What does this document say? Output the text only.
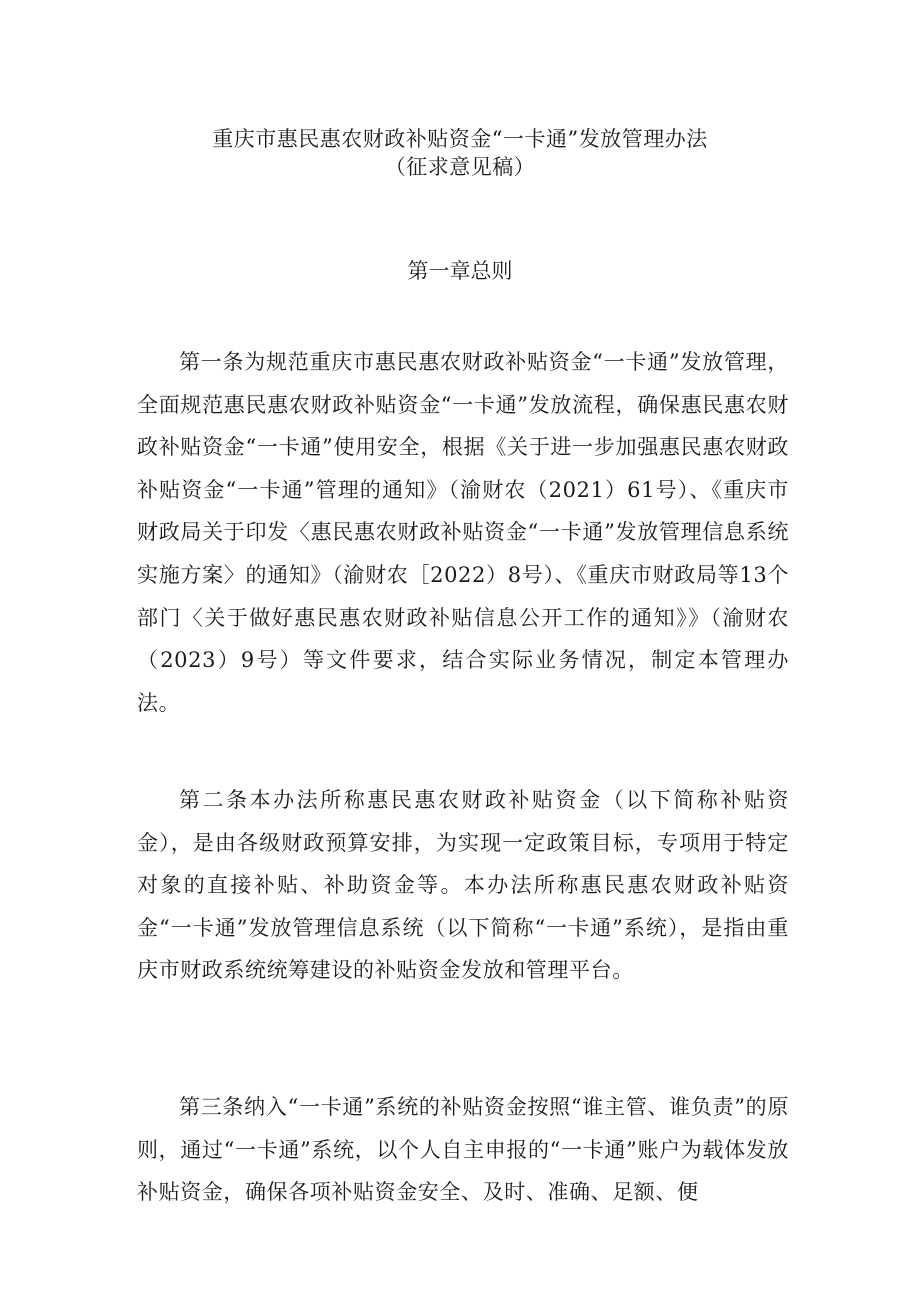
重庆市惠民惠农财政补贴资金“一卡通”发放管理办法
（征求意见稿）
第一章总则

第一条为规范重庆市惠民惠农财政补贴资金“一卡通”发放管理，全面规范惠民惠农财政补贴资金“一卡通”发放流程，确保惠民惠农财政补贴资金“一卡通”使用安全，根据《关于进一步加强惠民惠农财政补贴资金“一卡通”管理的通知》（渝财农（2021）61号）、《重庆市财政局关于印发〈惠民惠农财政补贴资金“一卡通”发放管理信息系统实施方案〉的通知》（渝财农［2022）8号）、《重庆市财政局等13个部门〈关于做好惠民惠农财政补贴信息公开工作的通知》》（渝财农（2023）9号）等文件要求，结合实际业务情况，制定本管理办法。

第二条本办法所称惠民惠农财政补贴资金（以下简称补贴资金），是由各级财政预算安排，为实现一定政策目标，专项用于特定对象的直接补贴、补助资金等。本办法所称惠民惠农财政补贴资金“一卡通”发放管理信息系统（以下简称“一卡通”系统），是指由重庆市财政系统统筹建设的补贴资金发放和管理平台。

第三条纳入“一卡通”系统的补贴资金按照“谁主管、谁负责”的原则，通过“一卡通”系统，以个人自主申报的“一卡通”账户为载体发放补贴资金，确保各项补贴资金安全、及时、准确、足额、便
